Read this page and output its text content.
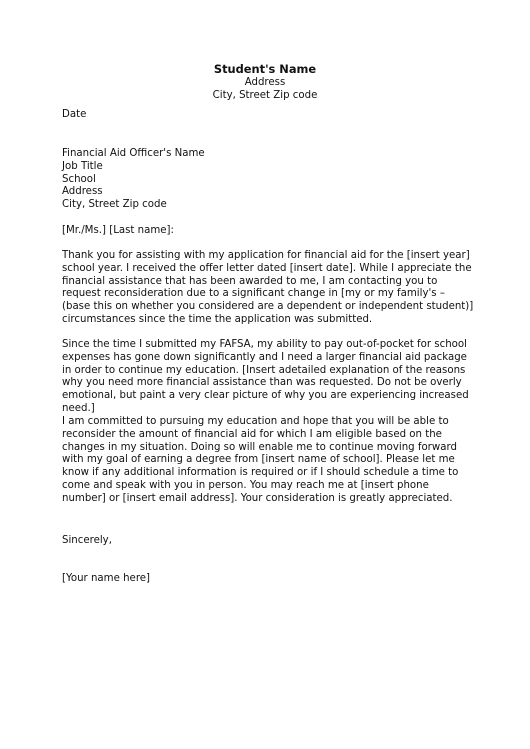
Student's Name
Address
City, Street Zip code

Date

Financial Aid Officer's Name
Job Title
School
Address
City, Street Zip code

[Mr./Ms.] [Last name]:

Thank you for assisting with my application for financial aid for the [insert year] school year. I received the offer letter dated [insert date]. While I appreciate the financial assistance that has been awarded to me, I am contacting you to request reconsideration due to a significant change in [my or my family's – (base this on whether you considered are a dependent or independent student)] circumstances since the time the application was submitted.

Since the time I submitted my FAFSA, my ability to pay out-of-pocket for school expenses has gone down significantly and I need a larger financial aid package in order to continue my education. [Insert adetailed explanation of the reasons why you need more financial assistance than was requested. Do not be overly emotional, but paint a very clear picture of why you are experiencing increased need.]

I am committed to pursuing my education and hope that you will be able to reconsider the amount of financial aid for which I am eligible based on the changes in my situation. Doing so will enable me to continue moving forward with my goal of earning a degree from [insert name of school]. Please let me know if any additional information is required or if I should schedule a time to come and speak with you in person. You may reach me at [insert phone number] or [insert email address]. Your consideration is greatly appreciated.

Sincerely,

[Your name here]
